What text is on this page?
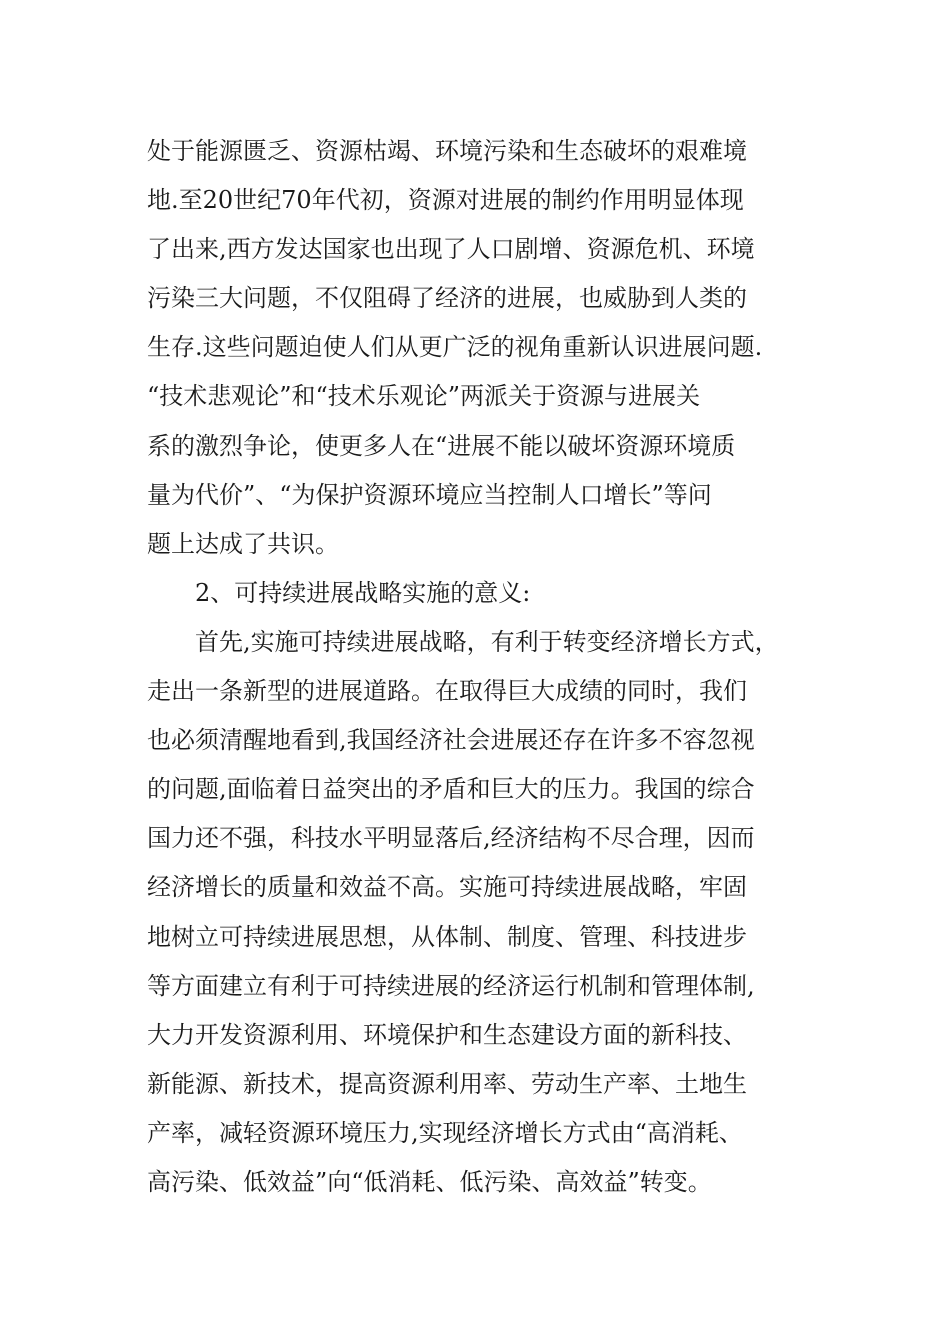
处于能源匮乏、资源枯竭、环境污染和生态破坏的艰难境
地.至20世纪70年代初，资源对进展的制约作用明显体现
了出来,西方发达国家也出现了人口剧增、资源危机、环境
污染三大问题，不仅阻碍了经济的进展，也威胁到人类的
生存.这些问题迫使人们从更广泛的视角重新认识进展问题.
“技术悲观论”和“技术乐观论”两派关于资源与进展关
系的激烈争论，使更多人在“进展不能以破坏资源环境质
量为代价”、“为保护资源环境应当控制人口增长”等问
题上达成了共识。
2、可持续进展战略实施的意义:
首先,实施可持续进展战略，有利于转变经济增长方式，
走出一条新型的进展道路。在取得巨大成绩的同时，我们
也必须清醒地看到,我国经济社会进展还存在许多不容忽视
的问题,面临着日益突出的矛盾和巨大的压力。我国的综合
国力还不强，科技水平明显落后,经济结构不尽合理，因而
经济增长的质量和效益不高。实施可持续进展战略，牢固
地树立可持续进展思想，从体制、制度、管理、科技进步
等方面建立有利于可持续进展的经济运行机制和管理体制,
大力开发资源利用、环境保护和生态建设方面的新科技、
新能源、新技术，提高资源利用率、劳动生产率、土地生
产率，减轻资源环境压力,实现经济增长方式由“高消耗、
高污染、低效益”向“低消耗、低污染、高效益”转变。
